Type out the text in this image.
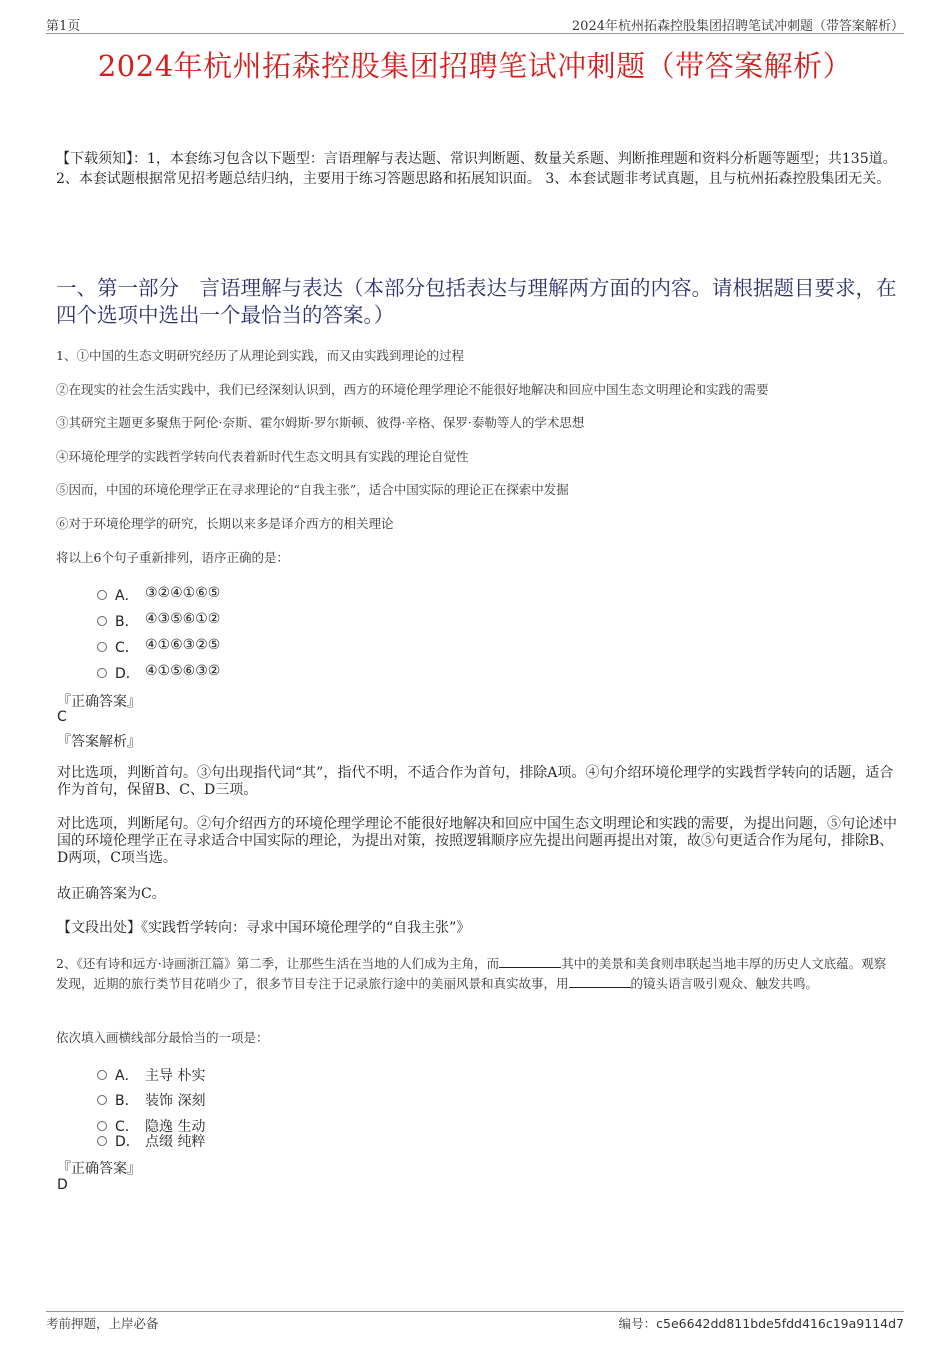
第1页	2024年杭州拓森控股集团招聘笔试冲刺题（带答案解析）
2024年杭州拓森控股集团招聘笔试冲刺题（带答案解析）
【下载须知】：1，本套练习包含以下题型：言语理解与表达题、常识判断题、数量关系题、判断推理题和资料分析题等题型；共135道。 2、本套试题根据常见招考题总结归纳，主要用于练习答题思路和拓展知识面。 3、本套试题非考试真题，且与杭州拓森控股集团无关。
一、第一部分　言语理解与表达（本部分包括表达与理解两方面的内容。请根据题目要求，在四个选项中选出一个最恰当的答案。）
1、①中国的生态文明研究经历了从理论到实践，而又由实践到理论的过程
②在现实的社会生活实践中，我们已经深刻认识到，西方的环境伦理学理论不能很好地解决和回应中国生态文明理论和实践的需要
③其研究主题更多聚焦于阿伦·奈斯、霍尔姆斯·罗尔斯顿、彼得·辛格、保罗·泰勒等人的学术思想
④环境伦理学的实践哲学转向代表着新时代生态文明具有实践的理论自觉性
⑤因而，中国的环境伦理学正在寻求理论的“自我主张”，适合中国实际的理论正在探索中发掘
⑥对于环境伦理学的研究，长期以来多是译介西方的相关理论
将以上6个句子重新排列，语序正确的是：
A． ③②④①⑥⑤
B． ④③⑤⑥①②
C． ④①⑥③②⑤
D． ④①⑤⑥③②
『正确答案』
C
『答案解析』
对比选项，判断首句。③句出现指代词“其”，指代不明，不适合作为首句，排除A项。④句介绍环境伦理学的实践哲学转向的话题，适合作为首句，保留B、C、D三项。
对比选项，判断尾句。②句介绍西方的环境伦理学理论不能很好地解决和回应中国生态文明理论和实践的需要，为提出问题，⑤句论述中国的环境伦理学正在寻求适合中国实际的理论，为提出对策，按照逻辑顺序应先提出问题再提出对策，故⑤句更适合作为尾句，排除B、D两项，C项当选。
故正确答案为C。
【文段出处】《实践哲学转向：寻求中国环境伦理学的“自我主张”》
2、《还有诗和远方·诗画浙江篇》第二季，让那些生活在当地的人们成为主角，而	其中的美景和美食则串联起当地丰厚的历史人文底蕴。观察发现，近期的旅行类节目花哨少了，很多节目专注于记录旅行途中的美丽风景和真实故事，用	的镜头语言吸引观众、触发共鸣。
依次填入画横线部分最恰当的一项是：
A． 主导 朴实
B． 装饰 深刻
C． 隐逸 生动
D． 点缀 纯粹
『正确答案』
D
考前押题，上岸必备	编号：c5e6642dd811bde5fdd416c19a9114d7
